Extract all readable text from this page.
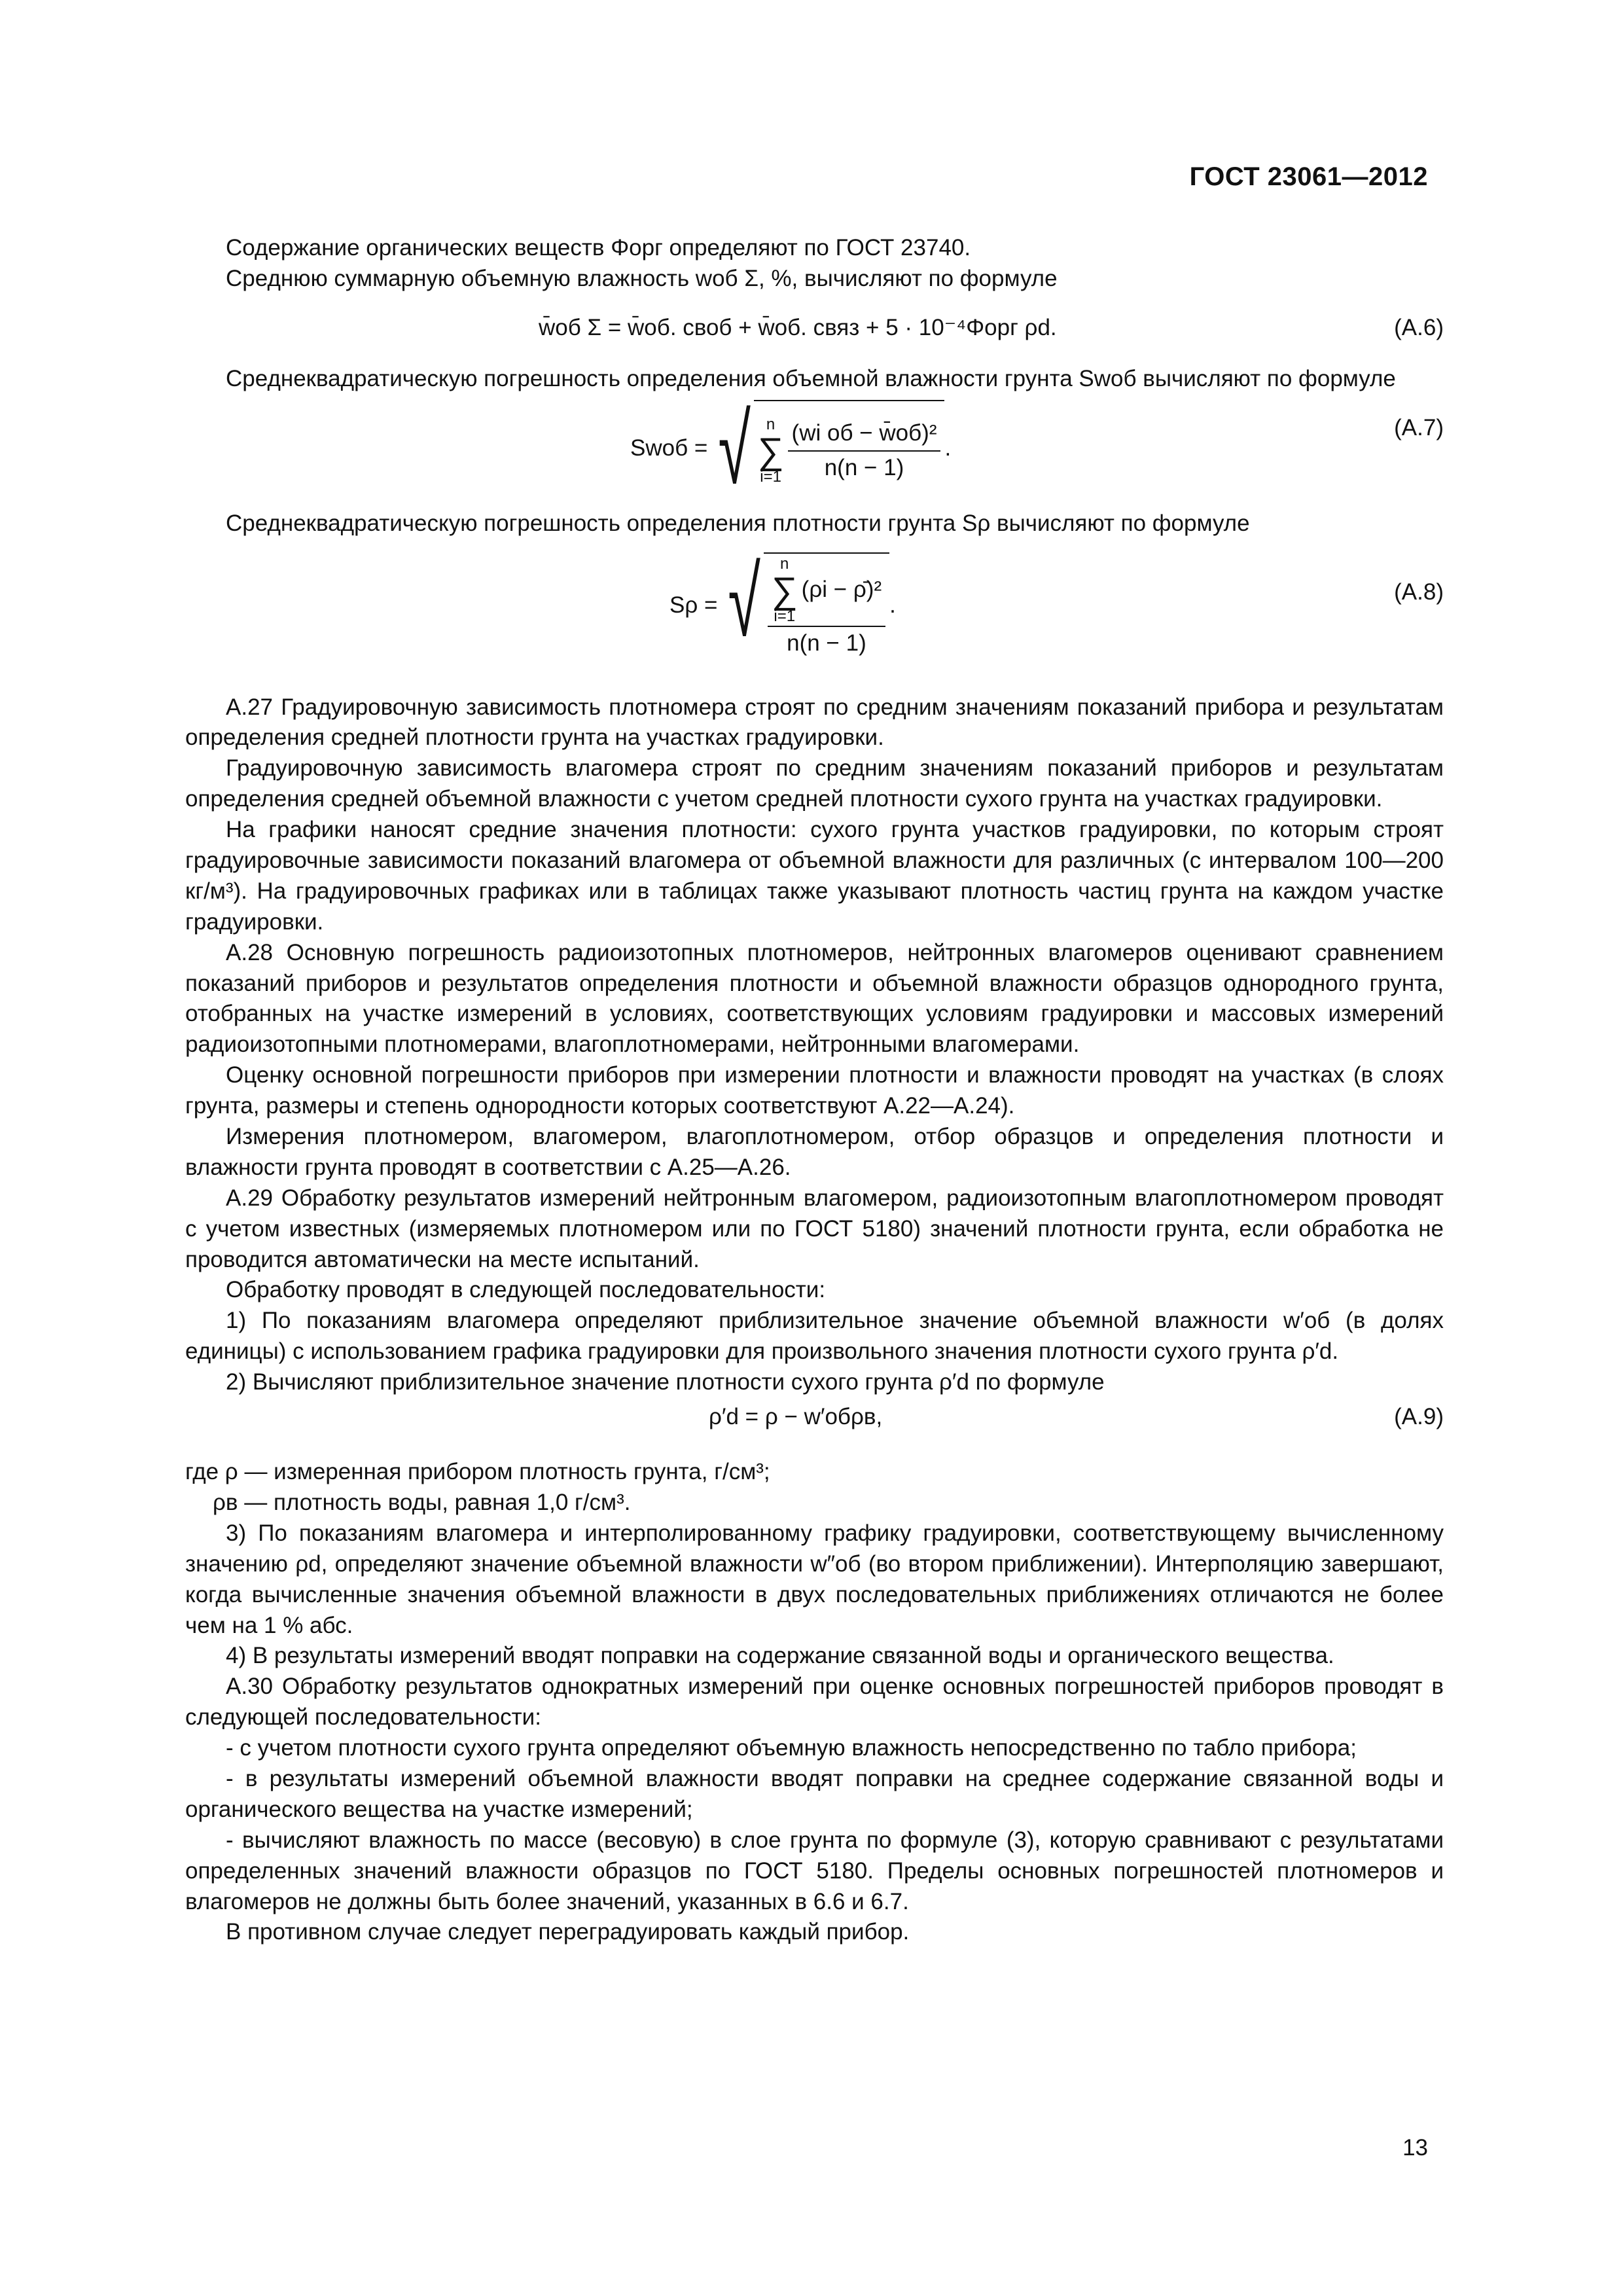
ГОСТ 23061—2012

Содержание органических веществ Φорг определяют по ГОСТ 23740.

Среднюю суммарную объемную влажность wоб Σ, %, вычисляют по формуле

w̄об Σ = w̄об. своб + w̄об. связ + 5 · 10⁻⁴Φорг ρd.	(A.6)

Среднеквадратическую погрешность определения объемной влажности грунта Swоб вычисляют по формуле

Swоб = √ n
∑
$i=1 \frac{\text{(wi об − w̄об)²}}{n(n - 1)}$ .
(A.7)

Среднеквадратическую погрешность определения плотности грунта Sρ вычисляют по формуле

Sρ = √ n
∑
i=1
(ρi − ρ̄)²
n(n − 1)
.
(A.8)

A.27 Градуировочную зависимость плотномера строят по средним значениям показаний прибора и результатам определения средней плотности грунта на участках градуировки.

Градуировочную зависимость влагомера строят по средним значениям показаний приборов и результатам определения средней объемной влажности с учетом средней плотности сухого грунта на участках градуировки.

На графики наносят средние значения плотности: сухого грунта участков градуировки, по которым строят градуировочные зависимости показаний влагомера от объемной влажности для различных (с интервалом 100—200 кг/м³). На градуировочных графиках или в таблицах также указывают плотность частиц грунта на каждом участке градуировки.

A.28 Основную погрешность радиоизотопных плотномеров, нейтронных влагомеров оценивают сравнением показаний приборов и результатов определения плотности и объемной влажности образцов однородного грунта, отобранных на участке измерений в условиях, соответствующих условиям градуировки и массовых измерений радиоизотопными плотномерами, влагоплотномерами, нейтронными влагомерами.

Оценку основной погрешности приборов при измерении плотности и влажности проводят на участках (в слоях грунта, размеры и степень однородности которых соответствуют A.22—A.24).

Измерения плотномером, влагомером, влагоплотномером, отбор образцов и определения плотности и влажности грунта проводят в соответствии с A.25—A.26.

A.29 Обработку результатов измерений нейтронным влагомером, радиоизотопным влагоплотномером проводят с учетом известных (измеряемых плотномером или по ГОСТ 5180) значений плотности грунта, если обработка не проводится автоматически на месте испытаний.

Обработку проводят в следующей последовательности:

1) По показаниям влагомера определяют приблизительное значение объемной влажности w′об (в долях единицы) с использованием графика градуировки для произвольного значения плотности сухого грунта ρ′d.

2) Вычисляют приблизительное значение плотности сухого грунта ρ′d по формуле

ρ′d = ρ − w′обρв,	(A.9)

где ρ — измеренная прибором плотность грунта, г/см³;

ρв — плотность воды, равная 1,0 г/см³.

3) По показаниям влагомера и интерполированному графику градуировки, соответствующему вычисленному значению ρd, определяют значение объемной влажности w″об (во втором приближении). Интерполяцию завершают, когда вычисленные значения объемной влажности в двух последовательных приближениях отличаются не более чем на 1 % абс.

4) В результаты измерений вводят поправки на содержание связанной воды и органического вещества.

A.30 Обработку результатов однократных измерений при оценке основных погрешностей приборов проводят в следующей последовательности:

- с учетом плотности сухого грунта определяют объемную влажность непосредственно по табло прибора;

- в результаты измерений объемной влажности вводят поправки на среднее содержание связанной воды и органического вещества на участке измерений;

- вычисляют влажность по массе (весовую) в слое грунта по формуле (3), которую сравнивают с результатами определенных значений влажности образцов по ГОСТ 5180. Пределы основных погрешностей плотномеров и влагомеров не должны быть более значений, указанных в 6.6 и 6.7.

В противном случае следует переградуировать каждый прибор.

13
